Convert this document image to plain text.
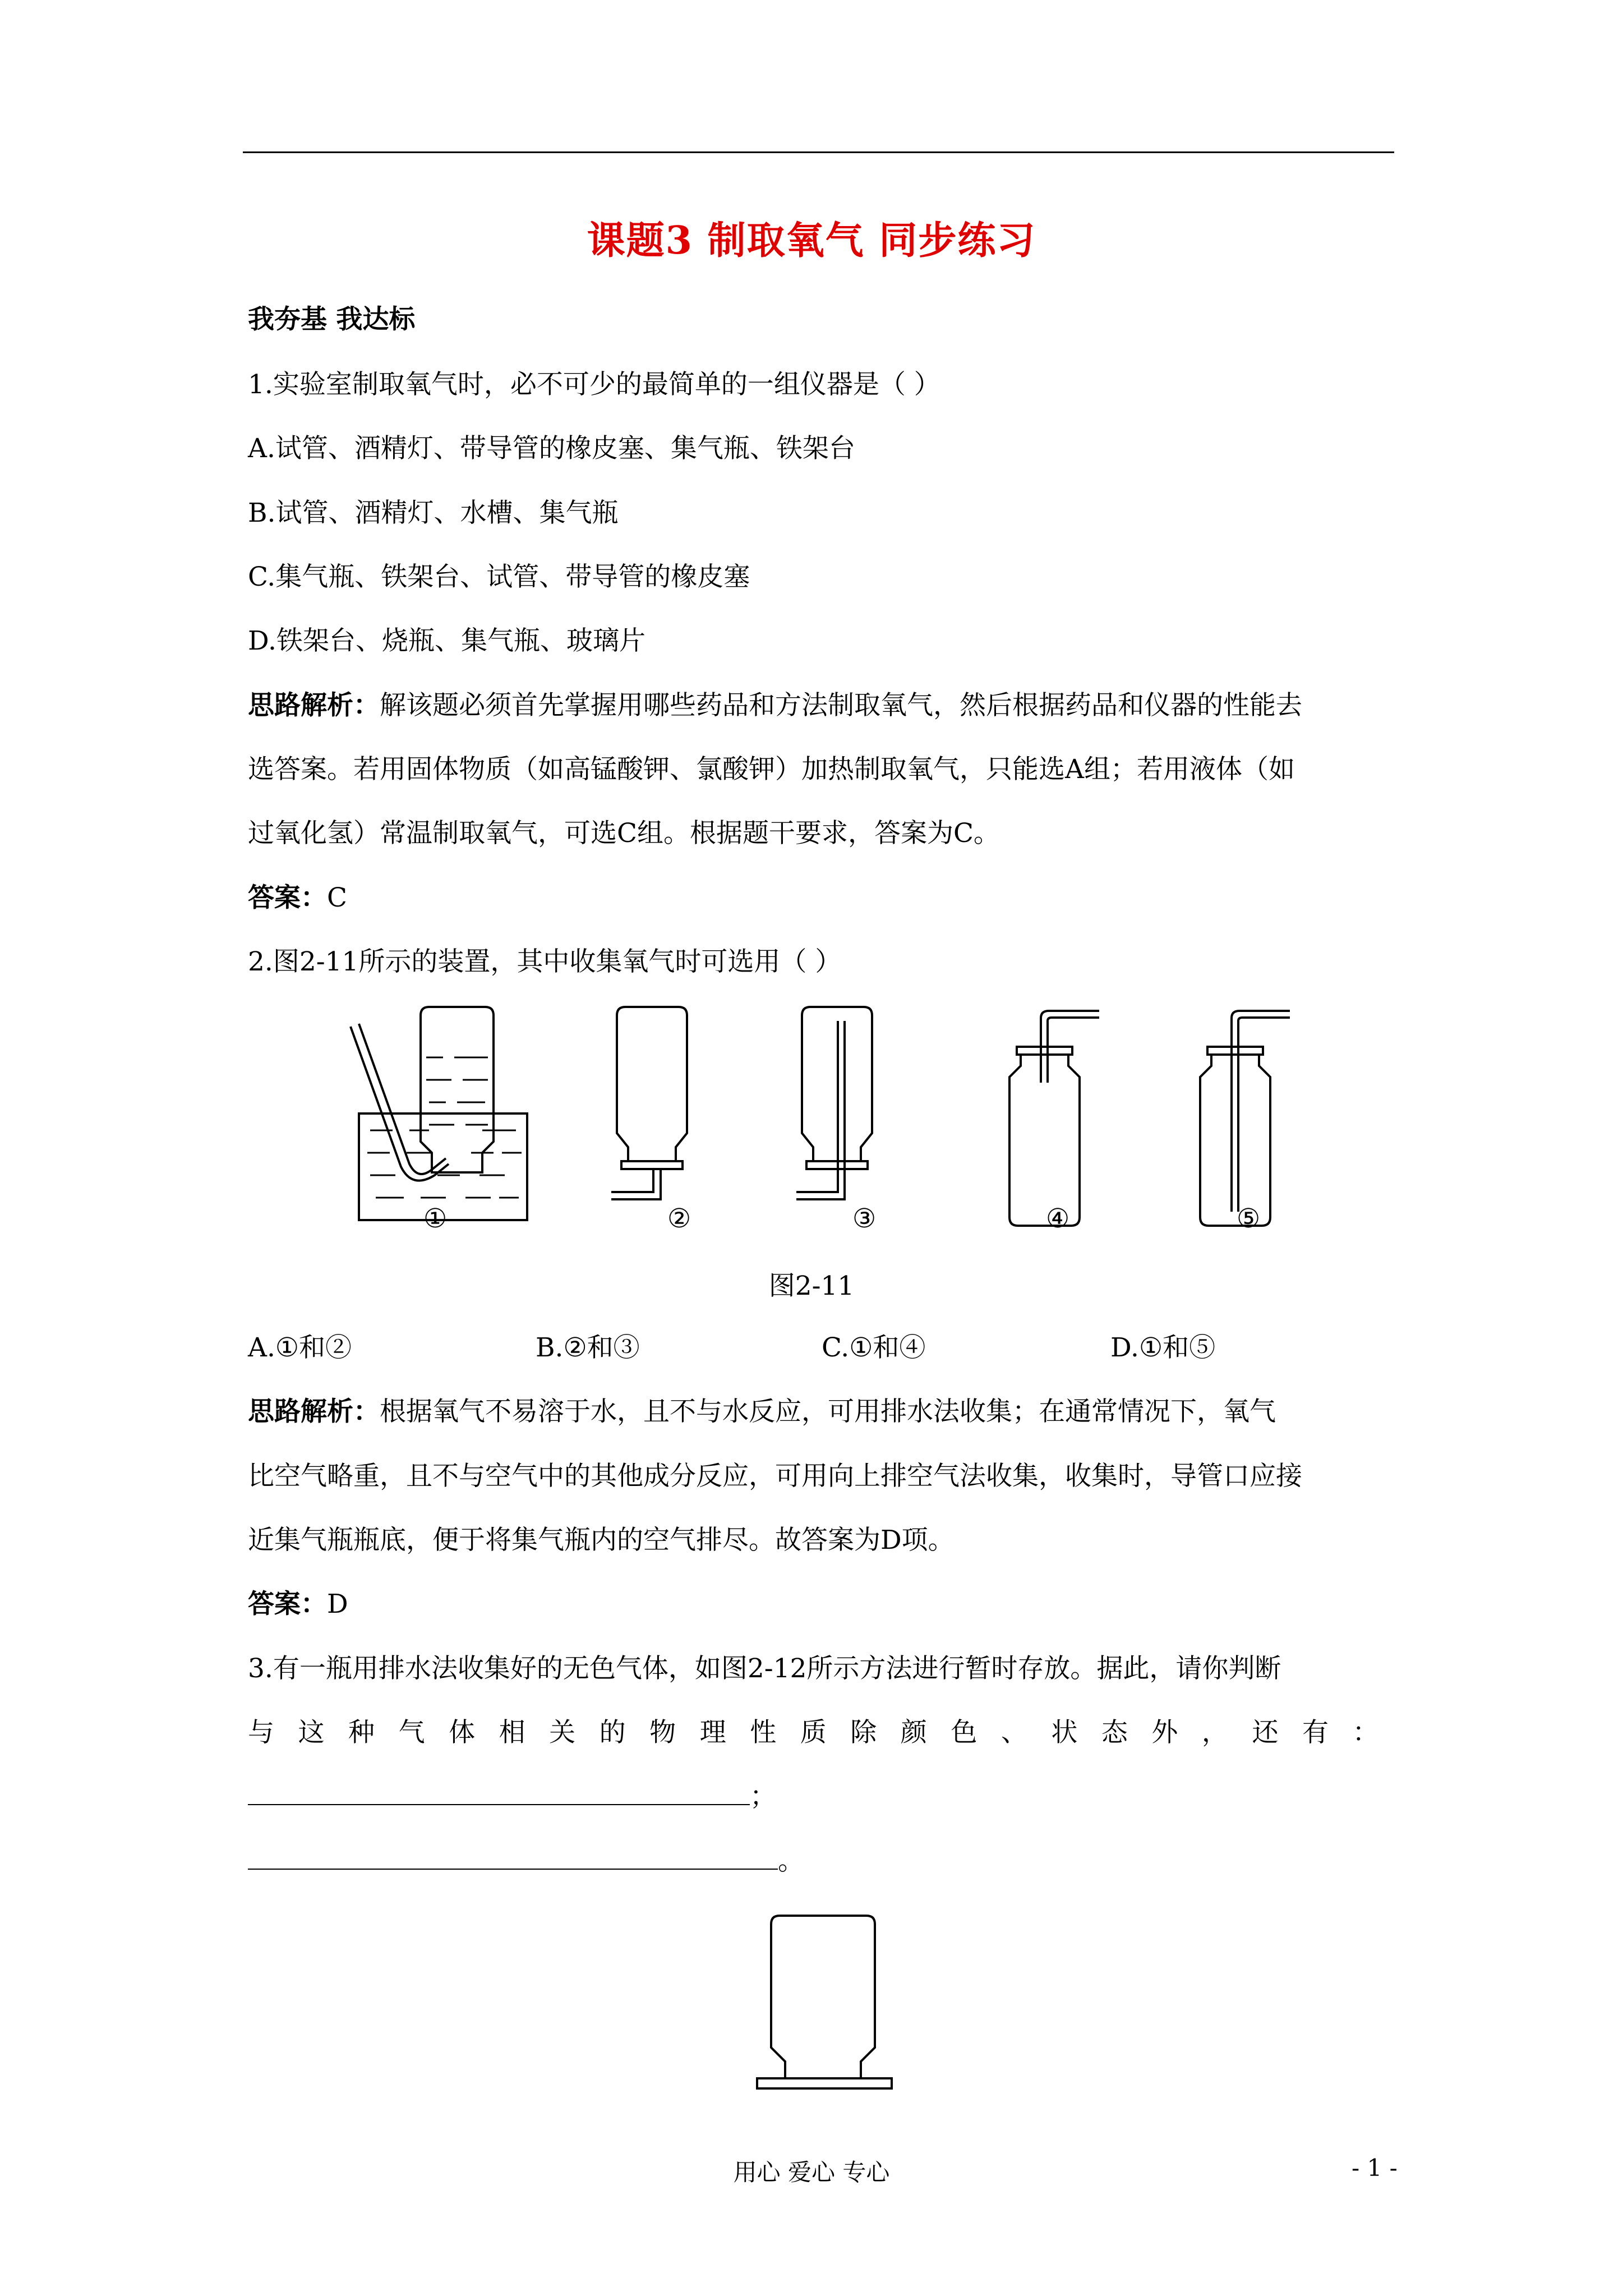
课题3 制取氧气 同步练习
我夯基 我达标
1.实验室制取氧气时，必不可少的最简单的一组仪器是（ ）
A.试管、酒精灯、带导管的橡皮塞、集气瓶、铁架台
B.试管、酒精灯、水槽、集气瓶
C.集气瓶、铁架台、试管、带导管的橡皮塞
D.铁架台、烧瓶、集气瓶、玻璃片
思路解析：解该题必须首先掌握用哪些药品和方法制取氧气，然后根据药品和仪器的性能去
选答案。若用固体物质（如高锰酸钾、氯酸钾）加热制取氧气，只能选A组；若用液体（如
过氧化氢）常温制取氧气，可选C组。根据题干要求，答案为C。
答案：C
2.图2-11所示的装置，其中收集氧气时可选用（ ）
①	②	③	④	⑤
图2-11
A.①和②	B.②和③	C.①和④	D.①和⑤
思路解析：根据氧气不易溶于水，且不与水反应，可用排水法收集；在通常情况下，氧气
比空气略重，且不与空气中的其他成分反应，可用向上排空气法收集，收集时，导管口应接
近集气瓶瓶底，便于将集气瓶内的空气排尽。故答案为D项。
答案：D
3.有一瓶用排水法收集好的无色气体，如图2-12所示方法进行暂时存放。据此，请你判断
与这种气体相关的物理性质除颜色、状态外，还有：
；
。
用心 爱心 专心	- 1 -
